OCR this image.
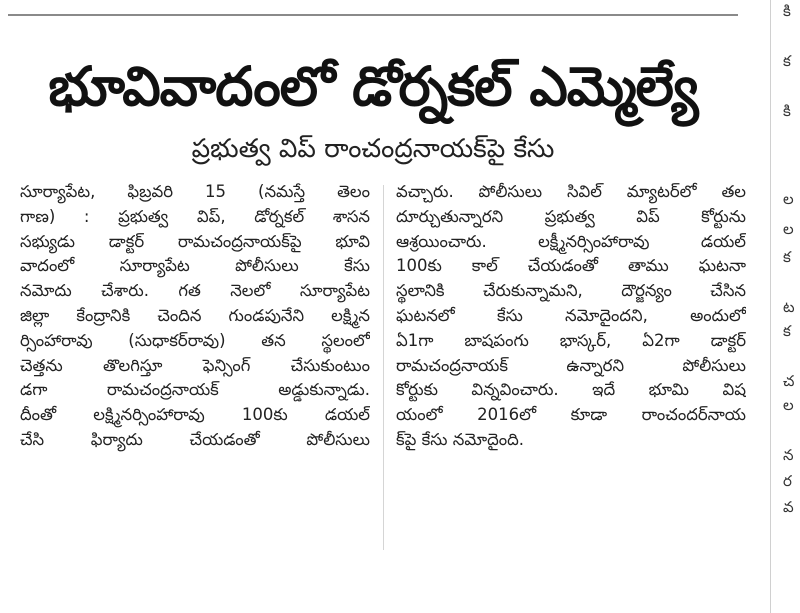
భూవివాదంలో డోర్నకల్ ఎమ్మెల్యే
ప్రభుత్వ విప్ రాంచంద్రనాయక్‌పై కేసు
సూర్యాపేట, ఫిబ్రవరి 15 (నమస్తే తెలం
గాణ) : ప్రభుత్వ విప్, డోర్నకల్ శాసన
సభ్యుడు డాక్టర్ రామచంద్రనాయక్‌పై భూవి
వాదంలో సూర్యాపేట పోలీసులు కేసు
నమోదు చేశారు. గత నెలలో సూర్యాపేట
జిల్లా కేంద్రానికి చెందిన గుండపునేని లక్ష్మిన
ర్సింహారావు (సుధాకర్‌రావు) తన స్థలంలో
చెత్తను తొలగిస్తూ ఫెన్సింగ్ చేసుకుంటుం
డగా రామచంద్రనాయక్ అడ్డుకున్నాడు.
దీంతో లక్ష్మినర్సింహారావు 100కు డయల్
చేసి ఫిర్యాదు చేయడంతో పోలీసులు
వచ్చారు. పోలీసులు సివిల్ మ్యాటర్‌లో తల
దూర్చుతున్నారని ప్రభుత్వ విప్ కోర్టును
ఆశ్రయించారు. లక్ష్మీనర్సింహారావు డయల్
100కు కాల్ చేయడంతో తాము ఘటనా
స్థలానికి చేరుకున్నామని, దౌర్జన్యం చేసిన
ఘటనలో కేసు నమోదైందని, అందులో
ఏ1గా బాషపంగు భాస్కర్, ఏ2గా డాక్టర్
రామచంద్రనాయక్ ఉన్నారని పోలీసులు
కోర్టుకు విన్నవించారు. ఇదే భూమి విష
యంలో 2016లో కూడా రాంచందర్‌నాయ
క్‌పై కేసు నమోదైంది.
కి
క
కి
ల
ల
క
ట
క
చ
ల
న
ర
వ
